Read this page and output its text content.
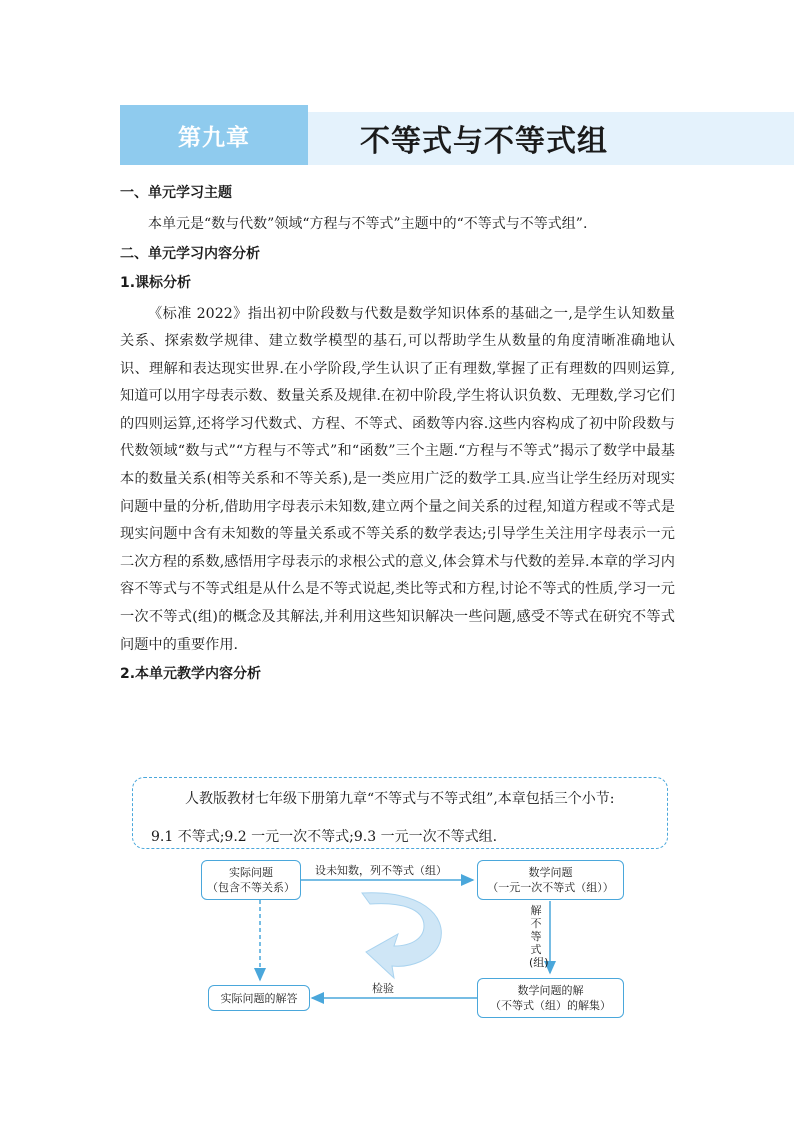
第九章	不等式与不等式组
一、单元学习主题

本单元是“数与代数”领域“方程与不等式”主题中的“不等式与不等式组”.

二、单元学习内容分析
1.课标分析

《标准 2022》指出初中阶段数与代数是数学知识体系的基础之一,是学生认知数量关系、探索数学规律、建立数学模型的基石,可以帮助学生从数量的角度清晰准确地认识、理解和表达现实世界.在小学阶段,学生认识了正有理数,掌握了正有理数的四则运算,知道可以用字母表示数、数量关系及规律.在初中阶段,学生将认识负数、无理数,学习它们的四则运算,还将学习代数式、方程、不等式、函数等内容.这些内容构成了初中阶段数与代数领域“数与式”“方程与不等式”和“函数”三个主题.“方程与不等式”揭示了数学中最基本的数量关系(相等关系和不等关系),是一类应用广泛的数学工具.应当让学生经历对现实问题中量的分析,借助用字母表示未知数,建立两个量之间关系的过程,知道方程或不等式是现实问题中含有未知数的等量关系或不等关系的数学表达;引导学生关注用字母表示一元二次方程的系数,感悟用字母表示的求根公式的意义,体会算术与代数的差异.本章的学习内容不等式与不等式组是从什么是不等式说起,类比等式和方程,讨论不等式的性质,学习一元一次不等式(组)的概念及其解法,并利用这些知识解决一些问题,感受不等式在研究不等式问题中的重要作用.

2.本单元教学内容分析
人教版教材七年级下册第九章“不等式与不等式组”,本章包括三个小节:
9.1 不等式;9.2 一元一次不等式;9.3 一元一次不等式组.
实际问题
（包含不等关系）
数学问题
（一元一次不等式（组））
数学问题的解
（不等式（组）的解集）
实际问题的解答
设未知数，列不等式（组）
检验
解不等式(组)
